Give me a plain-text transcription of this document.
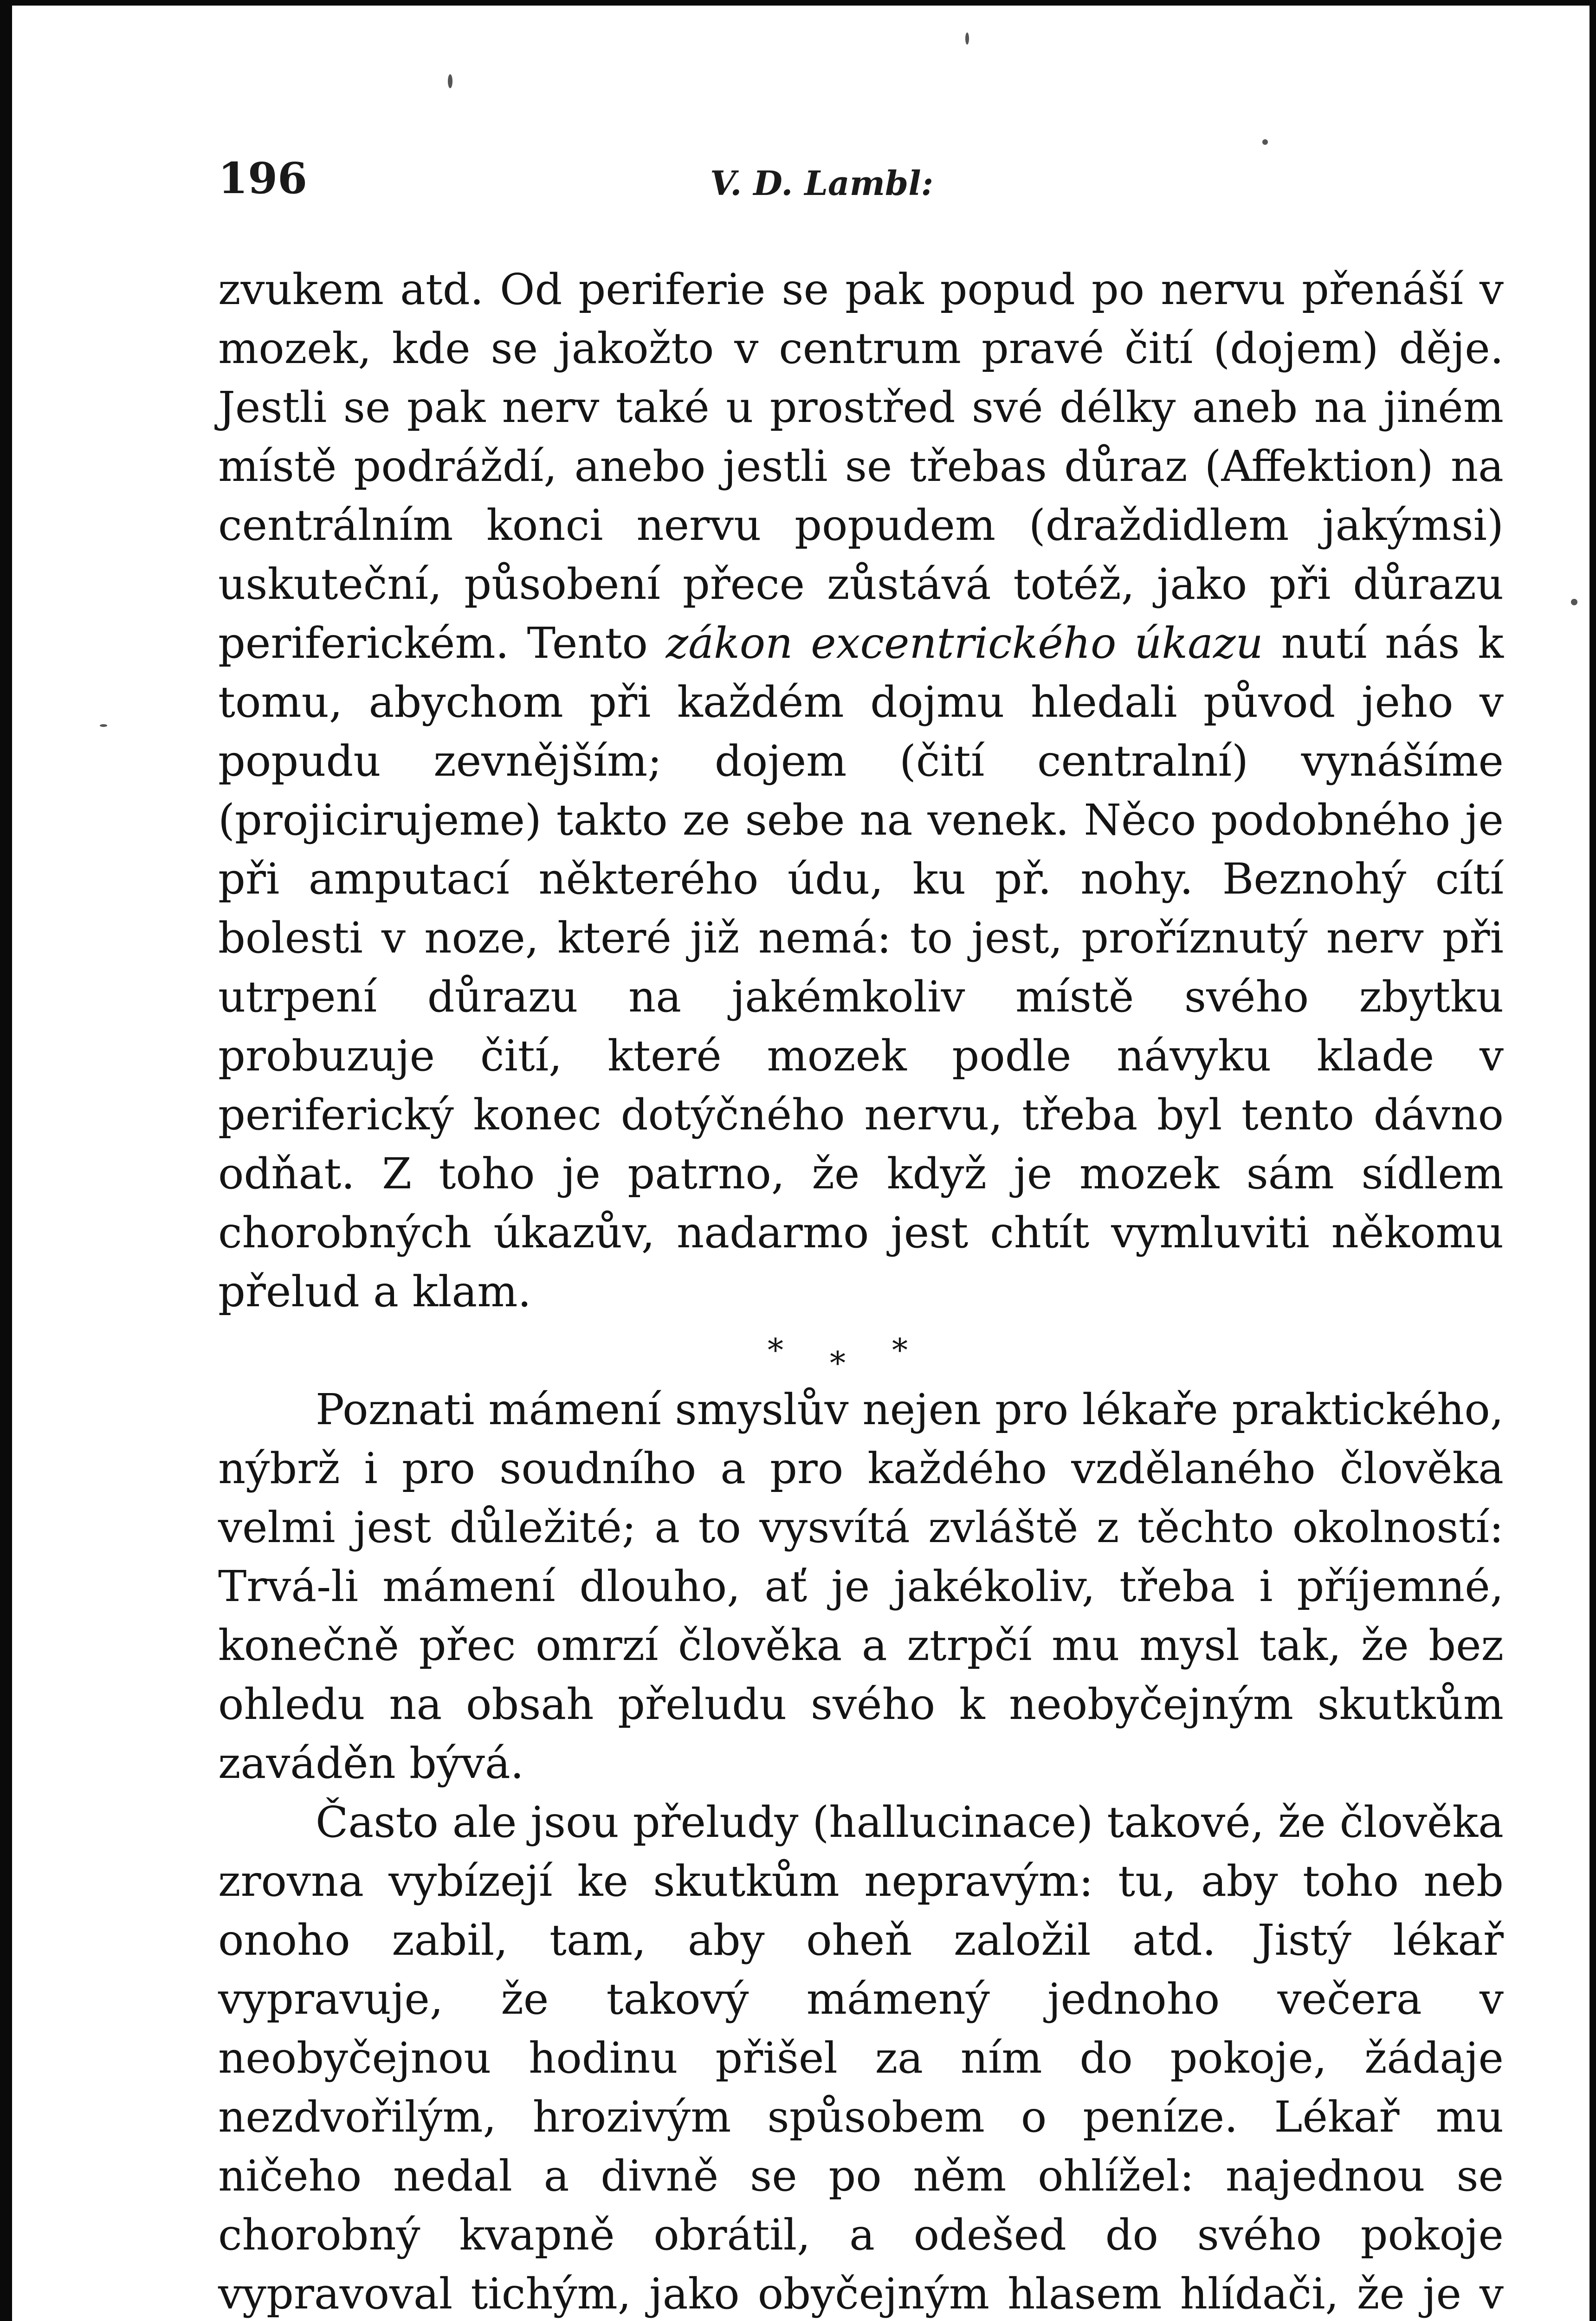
196	V. D. Lambl:

zvukem atd. Od periferie se pak popud po nervu přenáší v mozek, kde se jakožto v centrum pravé čití (dojem) děje. Jestli se pak nerv také u prostřed své délky aneb na jiném místě podráždí, anebo jestli se třebas důraz (Affektion) na centrálním konci nervu popudem (draždidlem jakýmsi) uskuteční, působení přece zůstává totéž, jako při důrazu periferickém. Tento zákon excentrického úkazu nutí nás k tomu, abychom při každém dojmu hledali původ jeho v popudu zevnějším; dojem (čití centralní) vynášíme (projicirujeme) takto ze sebe na venek. Něco podobného je při amputací některého údu, ku př. nohy. Beznohý cítí bolesti v noze, které již nemá: to jest, proříznutý nerv při utrpení důrazu na jakémkoliv místě svého zbytku probuzuje čití, které mozek podle návyku klade v periferický konec dotýčného nervu, třeba byl tento dávno odňat. Z toho je patrno, že když je mozek sám sídlem chorobných úkazův, nadarmo jest chtít vymluviti někomu přelud a klam.

***

Poznati mámení smyslův nejen pro lékaře praktického, nýbrž i pro soudního a pro každého vzdělaného člověka velmi jest důležité; a to vysvítá zvláště z těchto okolností: Trvá-li mámení dlouho, ať je jakékoliv, třeba i příjemné, konečně přec omrzí člověka a ztrpčí mu mysl tak, že bez ohledu na obsah přeludu svého k neobyčejným skutkům zaváděn bývá.

Často ale jsou přeludy (hallucinace) takové, že člověka zrovna vybízejí ke skutkům nepravým: tu, aby toho neb onoho zabil, tam, aby oheň založil atd. Jistý lékař vypravuje, že takový mámený jednoho večera v neobyčejnou hodinu přišel za ním do pokoje, žádaje nezdvořilým, hrozivým spůsobem o peníze. Lékař mu ničeho nedal a divně se po něm ohlížel: najednou se chorobný kvapně obrátil, a odešed do svého pokoje vypravoval tichým, jako obyčejným hlasem hlídači, že je v
